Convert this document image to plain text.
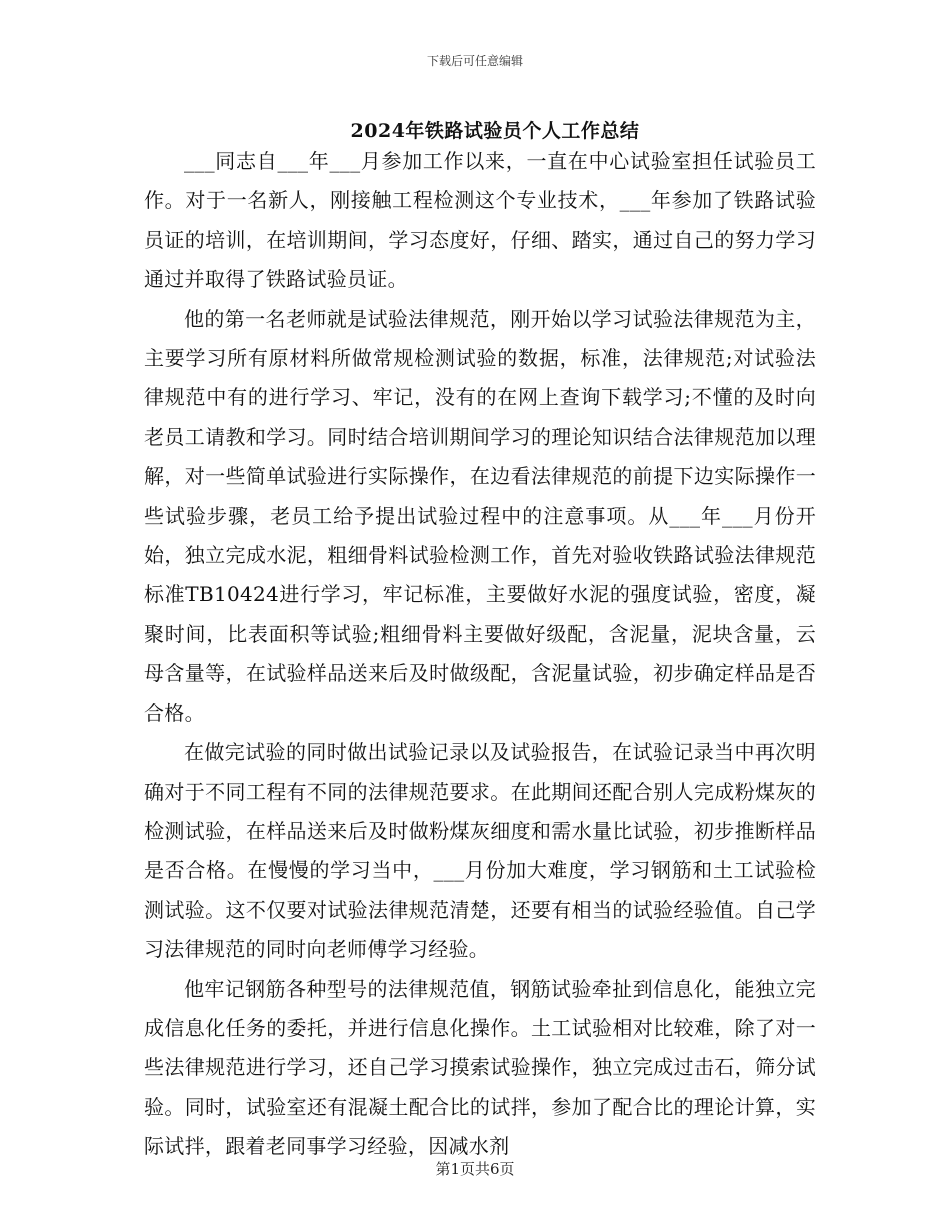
下载后可任意编辑
2024年铁路试验员个人工作总结

___同志自___年___月参加工作以来，一直在中心试验室担任试验员工作。对于一名新人，刚接触工程检测这个专业技术，___年参加了铁路试验员证的培训，在培训期间，学习态度好，仔细、踏实，通过自己的努力学习通过并取得了铁路试验员证。

他的第一名老师就是试验法律规范，刚开始以学习试验法律规范为主，主要学习所有原材料所做常规检测试验的数据，标准，法律规范;对试验法律规范中有的进行学习、牢记，没有的在网上查询下载学习;不懂的及时向老员工请教和学习。同时结合培训期间学习的理论知识结合法律规范加以理解，对一些简单试验进行实际操作，在边看法律规范的前提下边实际操作一些试验步骤，老员工给予提出试验过程中的注意事项。从___年___月份开始，独立完成水泥，粗细骨料试验检测工作，首先对验收铁路试验法律规范标准TB10424进行学习，牢记标准，主要做好水泥的强度试验，密度，凝聚时间，比表面积等试验;粗细骨料主要做好级配，含泥量，泥块含量，云母含量等，在试验样品送来后及时做级配，含泥量试验，初步确定样品是否合格。

在做完试验的同时做出试验记录以及试验报告，在试验记录当中再次明确对于不同工程有不同的法律规范要求。在此期间还配合别人完成粉煤灰的检测试验，在样品送来后及时做粉煤灰细度和需水量比试验，初步推断样品是否合格。在慢慢的学习当中，___月份加大难度，学习钢筋和土工试验检测试验。这不仅要对试验法律规范清楚，还要有相当的试验经验值。自己学习法律规范的同时向老师傅学习经验。

他牢记钢筋各种型号的法律规范值，钢筋试验牵扯到信息化，能独立完成信息化任务的委托，并进行信息化操作。土工试验相对比较难，除了对一些法律规范进行学习，还自己学习摸索试验操作，独立完成过击石，筛分试验。同时，试验室还有混凝土配合比的试拌，参加了配合比的理论计算，实际试拌，跟着老同事学习经验，因减水剂

第1页共6页
